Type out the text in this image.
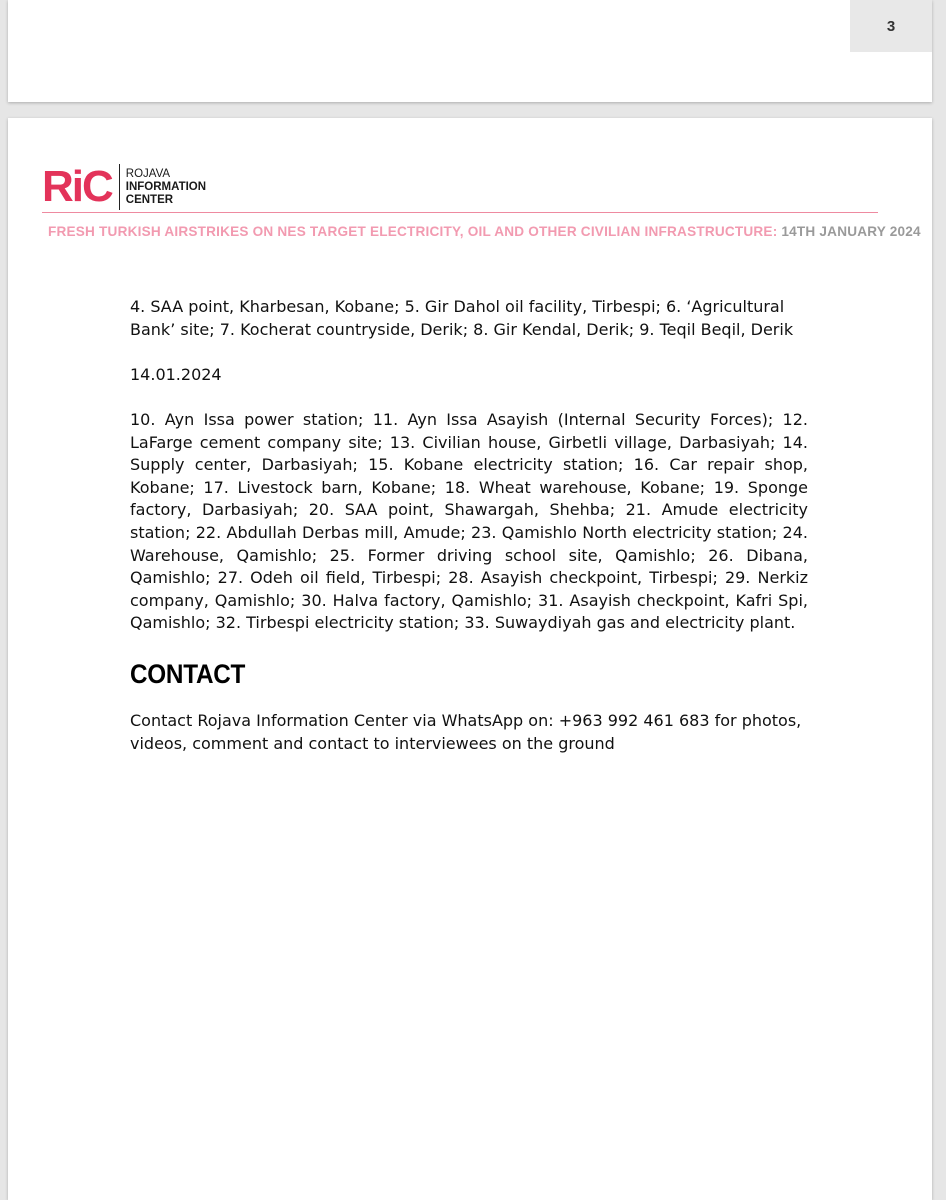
3
RiC ROJAVA
INFORMATION
CENTER
FRESH TURKISH AIRSTRIKES ON NES TARGET ELECTRICITY, OIL AND OTHER CIVILIAN INFRASTRUCTURE: 14TH JANUARY 2024

4. SAA point, Kharbesan, Kobane; 5. Gir Dahol oil facility, Tirbespi; 6. ‘Agricultural Bank’ site; 7. Kocherat countryside, Derik; 8. Gir Kendal, Derik; 9. Teqil Beqil, Derik

14.01.2024

10. Ayn Issa power station; 11. Ayn Issa Asayish (Internal Security Forces); 12. LaFarge cement company site; 13. Civilian house, Girbetli village, Darbasiyah; 14. Supply center, Darbasiyah; 15. Kobane electricity station; 16. Car repair shop, Kobane; 17. Livestock barn, Kobane; 18. Wheat warehouse, Kobane; 19. Sponge factory, Darbasiyah; 20. SAA point, Shawargah, Shehba; 21. Amude electricity station; 22. Abdullah Derbas mill, Amude; 23. Qamishlo North electricity station; 24. Warehouse, Qamishlo; 25. Former driving school site, Qamishlo; 26. Dibana, Qamishlo; 27. Odeh oil field, Tirbespi; 28. Asayish checkpoint, Tirbespi; 29. Nerkiz company, Qamishlo; 30. Halva factory, Qamishlo; 31. Asayish checkpoint, Kafri Spi, Qamishlo; 32. Tirbespi electricity station; 33. Suwaydiyah gas and electricity plant.

CONTACT

Contact Rojava Information Center via WhatsApp on: +963 992 461 683 for photos, videos, comment and contact to interviewees on the ground
